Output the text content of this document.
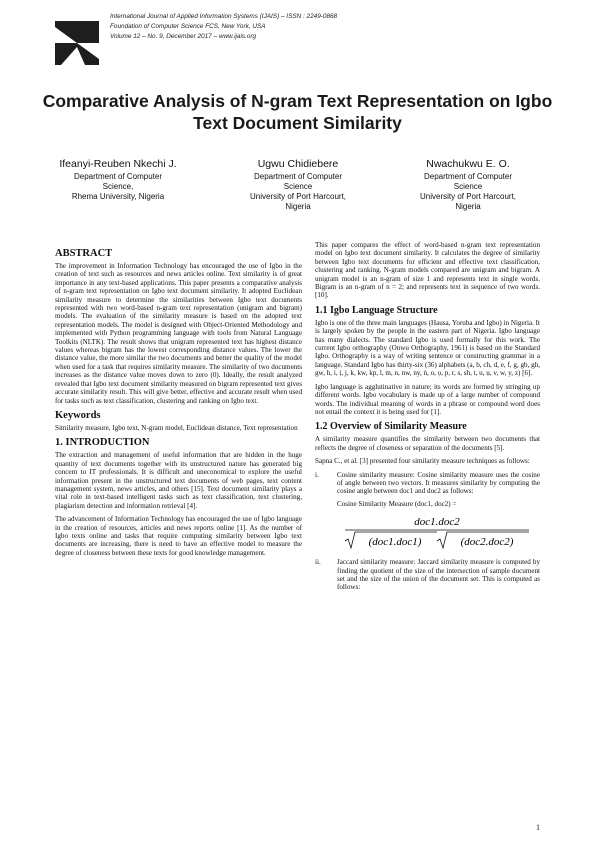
International Journal of Applied Information Systems (IJAIS) – ISSN : 2249-0868
Foundation of Computer Science FCS, New York, USA
Volume 12 – No. 9, December 2017 – www.ijais.org
Comparative Analysis of N-gram Text Representation on Igbo Text Document Similarity
Ifeanyi-Reuben Nkechi J.
Department of Computer
Science,
Rhema University, Nigeria
Ugwu Chidiebere
Department of Computer
Science
University of Port Harcourt,
Nigeria
Nwachukwu E. O.
Department of Computer
Science
University of Port Harcourt,
Nigeria
ABSTRACT

The improvement in Information Technology has encouraged the use of Igbo in the creation of text such as resources and news articles online. Text similarity is of great importance in any text-based applications. This paper presents a comparative analysis of n-gram text representation on Igbo text document similarity. It adopted Euclidean similarity measure to determine the similarities between Igbo text documents represented with two word-based n-gram text representation (unigram and bigram) models. The evaluation of the similarity measure is based on the adopted text representation models. The model is designed with Object-Oriented Methodology and implemented with Python programming language with tools from Natural Language Toolkits (NLTK). The result shows that unigram represented text has highest distance values whereas bigram has the lowest corresponding distance values. The lower the distance value, the more similar the two documents and better the quality of the model when used for a task that requires similarity measure. The similarity of two documents increases as the distance value moves down to zero (0). Ideally, the result analyzed revealed that Igbo text document similarity measured on bigram represented text gives accurate similarity result. This will give better, effective and accurate result when used for tasks such as text classification, clustering and ranking on Igbo text.

Keywords

Similarity measure, Igbo text, N-gram model, Euclidean distance, Text representation

1. INTRODUCTION

The extraction and management of useful information that are hidden in the huge quantity of text documents together with its unstructured nature has generated big concern to IT professionals. It is difficult and uneconomical to explore the useful information present in the unstructured text documents of web pages, text content management system, news articles, and others [15]. Text document similarity plays a vital role in text-based intelligent tasks such as text classification, text clustering, plagiarism detection and information retrieval [4].

The advancement of Information Technology has encouraged the use of Igbo language in the creation of resources, articles and news reports online [1]. As the number of Igbo texts online and tasks that require computing similarity between Igbo text documents are increasing, there is need to have an effective model to measure the degree of closeness between these texts for good knowledge management.

This paper compares the effect of word-based n-gram text representation model on Igbo text document similarity. It calculates the degree of similarity between Igbo text documents for efficient and effective text classification, clustering and ranking. N-gram models compared are unigram and bigram. A unigram model is an n-gram of size 1 and represents text in single words. Bigram is an n-gram of n = 2; and represents text in sequence of two words. [10].

1.1 Igbo Language Structure

Igbo is one of the three main languages (Hausa, Yoruba and Igbo) in Nigeria. It is largely spoken by the people in the eastern part of Nigeria. Igbo language has many dialects. The standard Igbo is used formally for this work. The current Igbo orthography (Onwu Orthography, 1961) is based on the Standard Igbo. Orthography is a way of writing sentence or constructing grammar in a language. Standard Igbo has thirty-six (36) alphabets (a, b, ch, d, e, f, g, gb, gh, gw, h, i, ị, j, k, kw, kp, l, m, n, nw, ny, ṅ, o, ọ, p, r, s, sh, t, u, ụ, v, w, y, z) [6].

Igbo language is agglutinative in nature; its words are formed by stringing up different words. Igbo vocabulary is made up of a large number of compound words. The individual meaning of words in a phrase or compound word does not entail the context it is being used for [1].

1.2 Overview of Similarity Measure

A similarity measure quantifies the similarity between two documents that reflects the degree of closeness or separation of the documents [5].

Sapna C., et al. [3] presented four similarity measure techniques as follows:

i.	Cosine similarity measure: Cosine similarity measure uses the cosine of angle between two vectors. It measures similarity by computing the cosine angle between doc1 and doc2 as follows:
Cosine Similarity Measure (doc1, doc2) =
doc1.doc2
(doc1.doc1)	(doc2.doc2)
ii.	Jaccard similarity measure: Jaccard similarity measure is computed by finding the quotient of the size of the intersection of sample document set and the size of the union of the document set. This is computed as follows:
1
